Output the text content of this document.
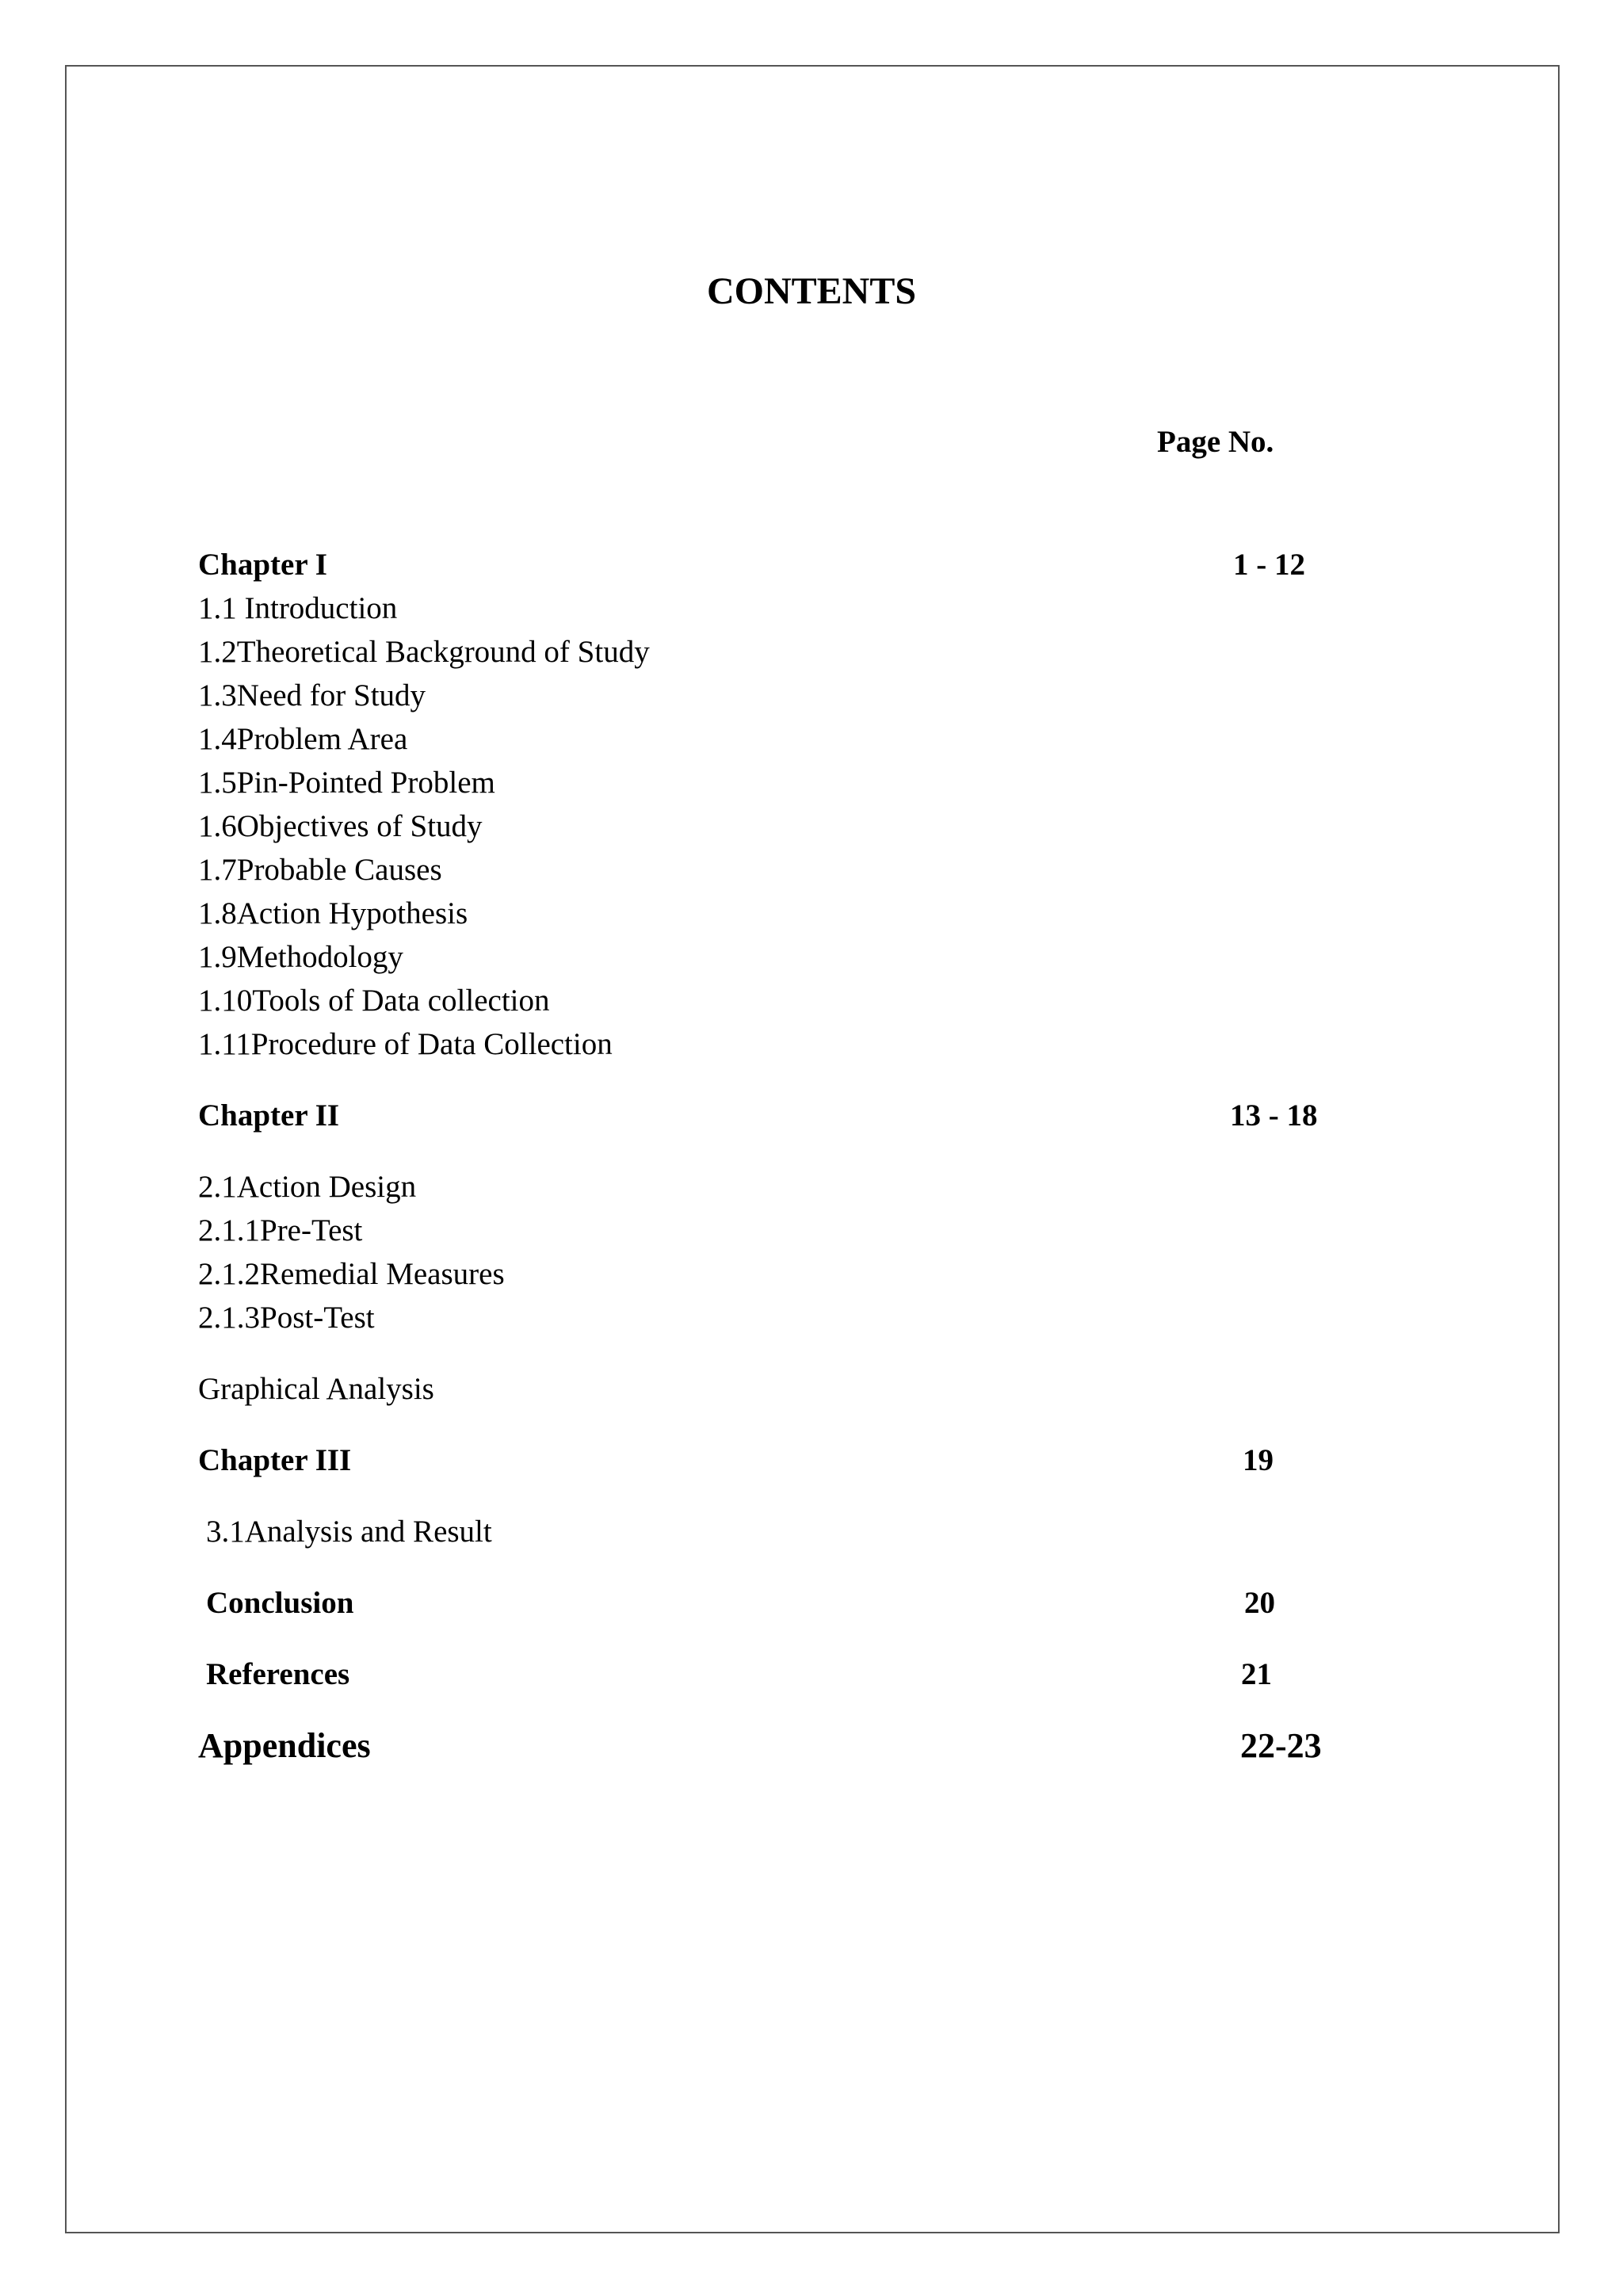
CONTENTS
Page No.
Chapter I	1 - 12
1.1 Introduction
1.2Theoretical Background of Study
1.3Need for Study
1.4Problem Area
1.5Pin-Pointed Problem
1.6Objectives of Study
1.7Probable Causes
1.8Action Hypothesis
1.9Methodology
1.10Tools of Data collection
1.11Procedure of Data Collection
Chapter II	13 - 18
2.1Action Design
2.1.1Pre-Test
2.1.2Remedial Measures
2.1.3Post-Test
Graphical Analysis
Chapter III	19
3.1Analysis and Result
Conclusion	20
References	21
Appendices	22-23
